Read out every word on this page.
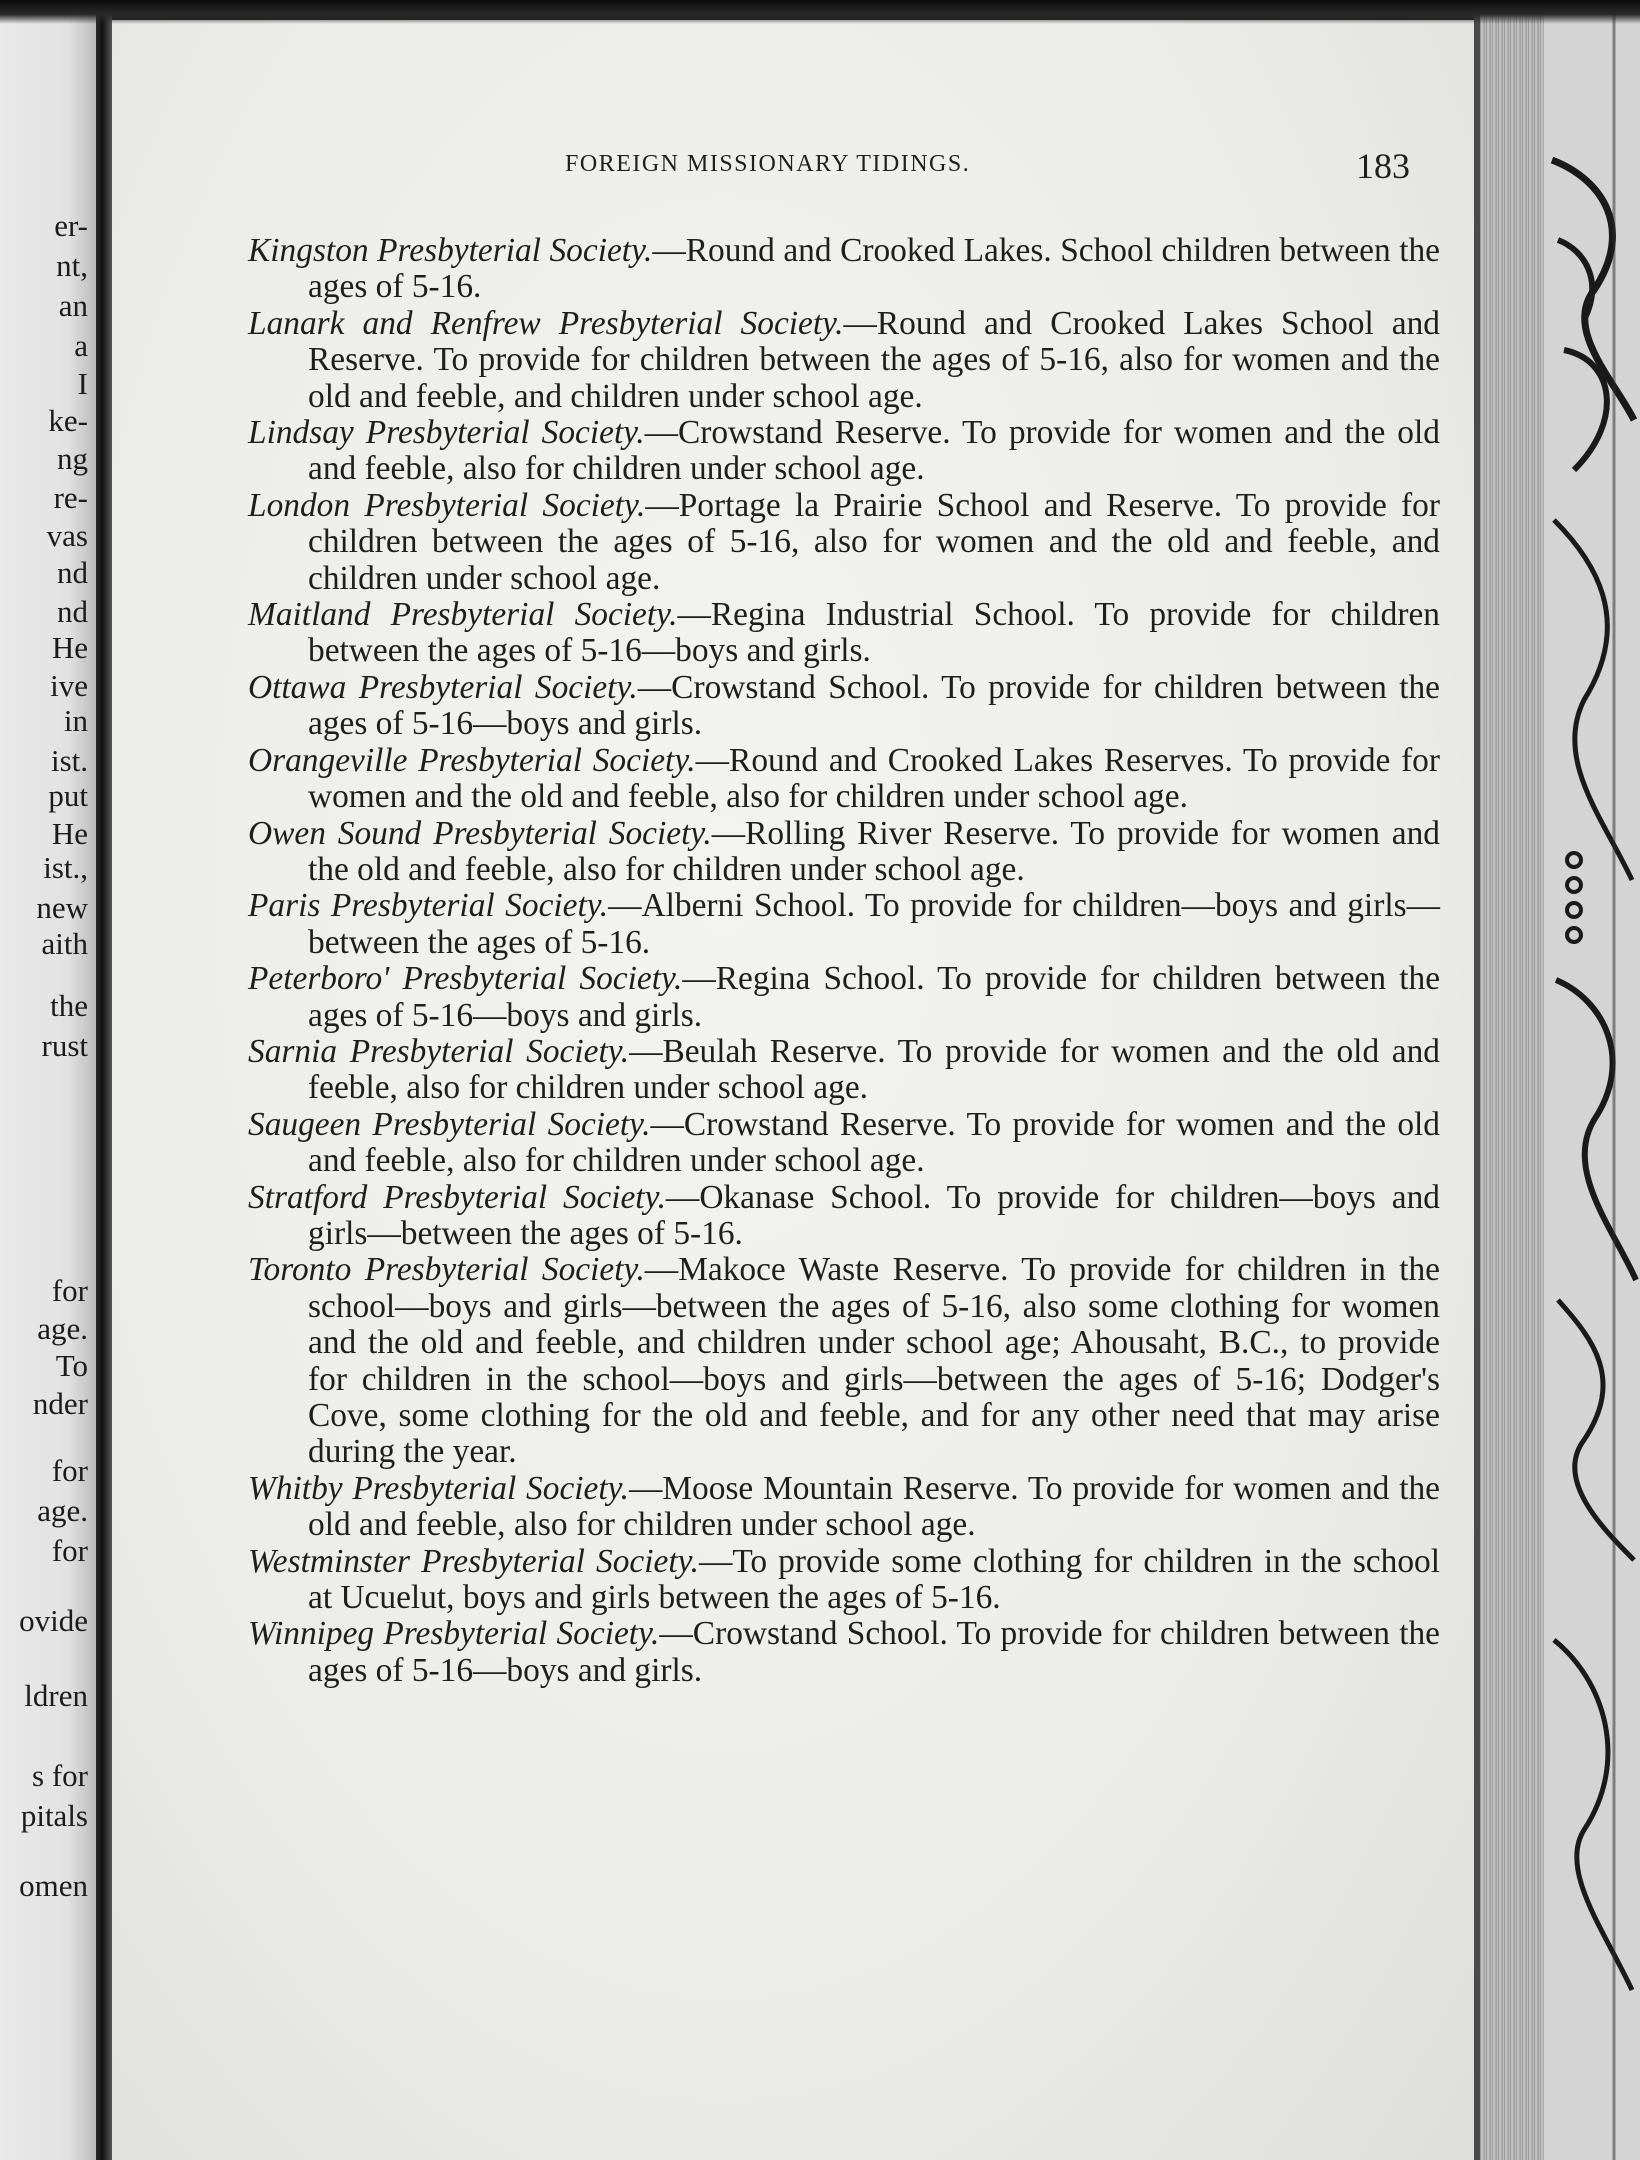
er-
nt,
an
a
I
ke-
ng
re-
vas
nd
nd
He
ive
in
ist.
put
He
ist.,
new
aith
the
rust
for
age.
To
nder
for
age.
for
ovide
ldren
s for
pitals
omen
FOREIGN MISSIONARY TIDINGS.	183

Kingston Presbyterial Society.—Round and Crooked Lakes. School children between the ages of 5-16.

Lanark and Renfrew Presbyterial Society.—Round and Crooked Lakes School and Reserve. To provide for children between the ages of 5-16, also for women and the old and feeble, and children under school age.

Lindsay Presbyterial Society.—Crowstand Reserve. To provide for women and the old and feeble, also for children under school age.

London Presbyterial Society.—Portage la Prairie School and Reserve. To provide for children between the ages of 5-16, also for women and the old and feeble, and children under school age.

Maitland Presbyterial Society.—Regina Industrial School. To provide for children between the ages of 5-16—boys and girls.

Ottawa Presbyterial Society.—Crowstand School. To provide for children between the ages of 5-16—boys and girls.

Orangeville Presbyterial Society.—Round and Crooked Lakes Reserves. To provide for women and the old and feeble, also for children under school age.

Owen Sound Presbyterial Society.—Rolling River Reserve. To provide for women and the old and feeble, also for children under school age.

Paris Presbyterial Society.—Alberni School. To provide for children—boys and girls—between the ages of 5-16.

Peterboro' Presbyterial Society.—Regina School. To provide for children between the ages of 5-16—boys and girls.

Sarnia Presbyterial Society.—Beulah Reserve. To provide for women and the old and feeble, also for children under school age.

Saugeen Presbyterial Society.—Crowstand Reserve. To provide for women and the old and feeble, also for children under school age.

Stratford Presbyterial Society.—Okanase School. To provide for children—boys and girls—between the ages of 5-16.

Toronto Presbyterial Society.—Makoce Waste Reserve. To provide for children in the school—boys and girls—between the ages of 5-16, also some clothing for women and the old and feeble, and children under school age; Ahousaht, B.C., to provide for children in the school—boys and girls—between the ages of 5-16; Dodger's Cove, some clothing for the old and feeble, and for any other need that may arise during the year.

Whitby Presbyterial Society.—Moose Mountain Reserve. To provide for women and the old and feeble, also for children under school age.

Westminster Presbyterial Society.—To provide some clothing for children in the school at Ucuelut, boys and girls between the ages of 5-16.

Winnipeg Presbyterial Society.—Crowstand School. To provide for children between the ages of 5-16—boys and girls.
